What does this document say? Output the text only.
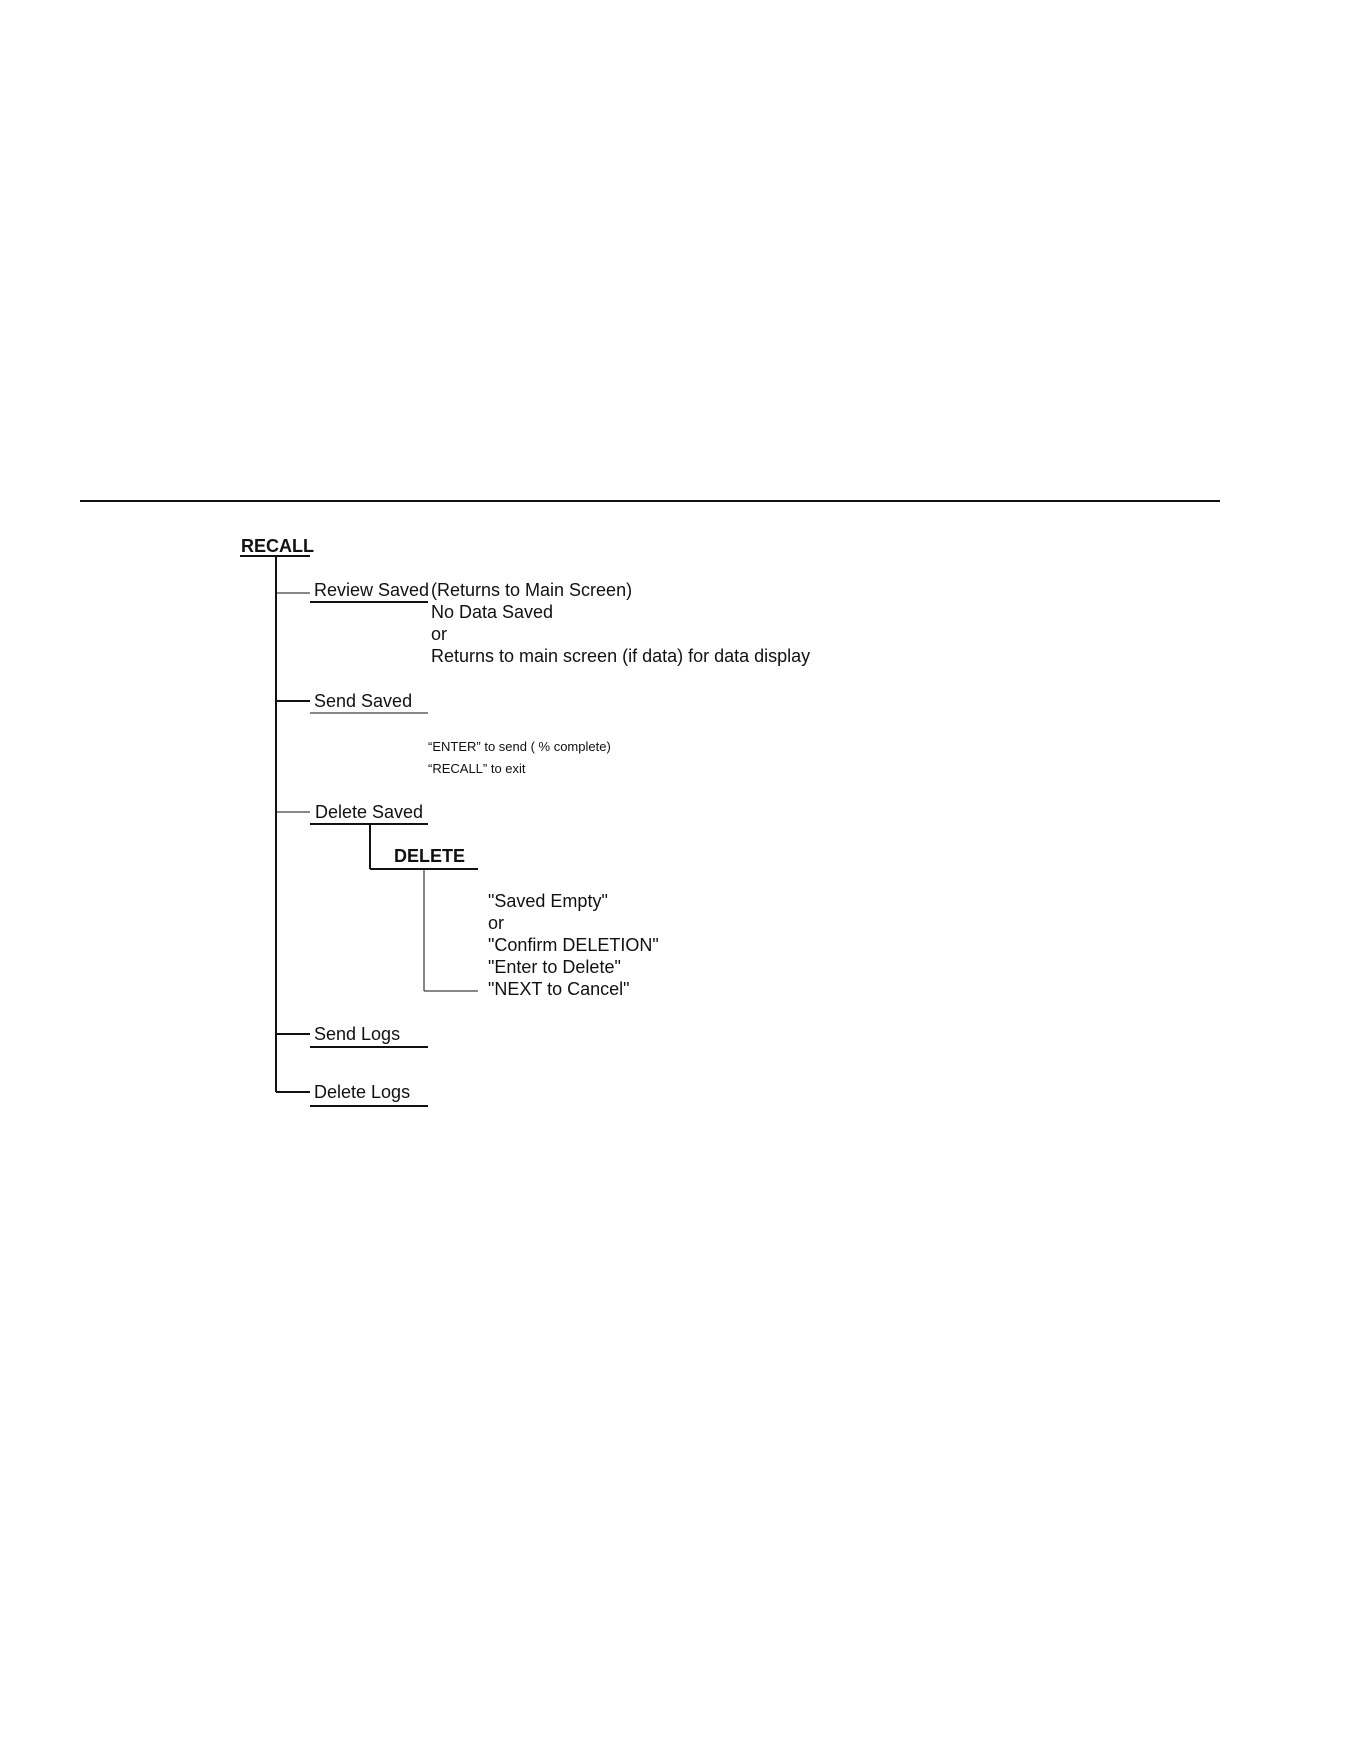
RECALL
Review Saved (Returns to Main Screen)
No Data Saved
or
Returns to main screen (if data) for data display
Send Saved
“ENTER” to send ( % complete)
“RECALL” to exit
Delete Saved
DELETE
"Saved Empty"
or
"Confirm DELETION"
"Enter to Delete"
"NEXT to Cancel"
Send Logs
Delete Logs
